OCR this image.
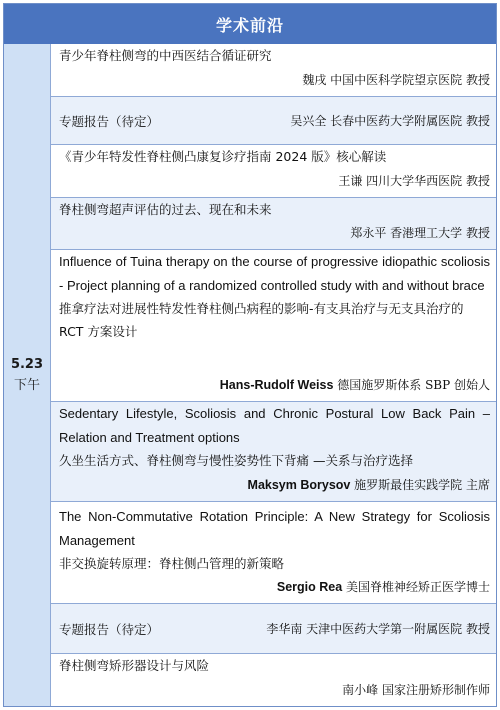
学术前沿
5.23
下午
青少年脊柱侧弯的中西医结合循证研究
魏戌 中国中医科学院望京医院 教授
专题报告（待定）	吴兴全 长春中医药大学附属医院 教授
《青少年特发性脊柱侧凸康复诊疗指南 2024 版》核心解读
王谦 四川大学华西医院 教授
脊柱侧弯超声评估的过去、现在和未来
郑永平 香港理工大学 教授
Influence of Tuina therapy on the course of progressive idiopathic scoliosis - Project planning of a randomized controlled study with and without brace
推拿疗法对进展性特发性脊柱侧凸病程的影响-有支具治疗与无支具治疗的 RCT 方案设计
Hans-Rudolf Weiss 德国施罗斯体系 SBP 创始人
Sedentary Lifestyle, Scoliosis and Chronic Postural Low Back Pain – Relation and Treatment options
久坐生活方式、脊柱侧弯与慢性姿势性下背痛 —关系与治疗选择
Maksym Borysov 施罗斯最佳实践学院 主席
The Non-Commutative Rotation Principle: A New Strategy for Scoliosis Management
非交换旋转原理：脊柱侧凸管理的新策略
Sergio Rea 美国脊椎神经矫正医学博士
专题报告（待定）	李华南 天津中医药大学第一附属医院 教授
脊柱侧弯矫形器设计与风险
南小峰 国家注册矫形制作师
